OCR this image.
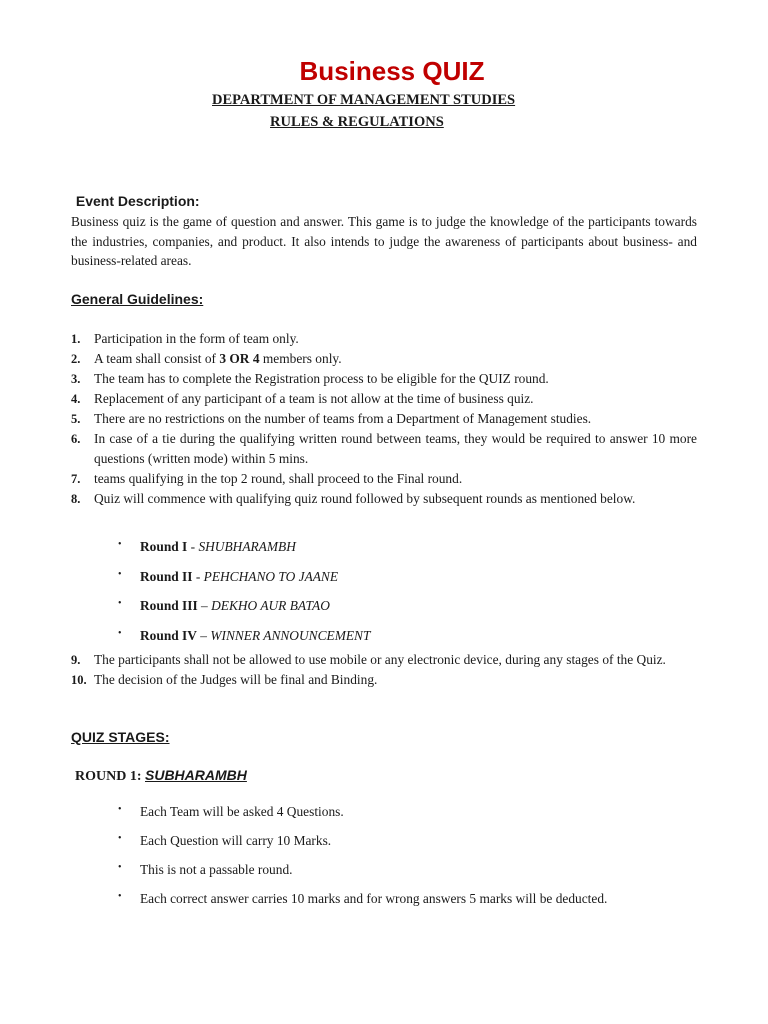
Business QUIZ

DEPARTMENT OF MANAGEMENT STUDIES

RULES & REGULATIONS

Event Description:

Business quiz is the game of question and answer. This game is to judge the knowledge of the participants towards the industries, companies, and product. It also intends to judge the awareness of participants about business- and business-related areas.

General Guidelines:

1. Participation in the form of team only.
2. A team shall consist of 3 OR 4 members only.
3. The team has to complete the Registration process to be eligible for the QUIZ round.
4. Replacement of any participant of a team is not allow at the time of business quiz.
5. There are no restrictions on the number of teams from a Department of Management studies.
6. In case of a tie during the qualifying written round between teams, they would be required to answer 10 more questions (written mode) within 5 mins.
7. teams qualifying in the top 2 round, shall proceed to the Final round.
8. Quiz will commence with qualifying quiz round followed by subsequent rounds as mentioned below.
• Round I - SHUBHARAMBH
• Round II - PEHCHANO TO JAANE
• Round III – DEKHO AUR BATAO
• Round IV – WINNER ANNOUNCEMENT
9. The participants shall not be allowed to use mobile or any electronic device, during any stages of the Quiz.
10. The decision of the Judges will be final and Binding.

QUIZ STAGES:

ROUND 1: SUBHARAMBH

• Each Team will be asked 4 Questions.
• Each Question will carry 10 Marks.
• This is not a passable round.
• Each correct answer carries 10 marks and for wrong answers 5 marks will be deducted.
